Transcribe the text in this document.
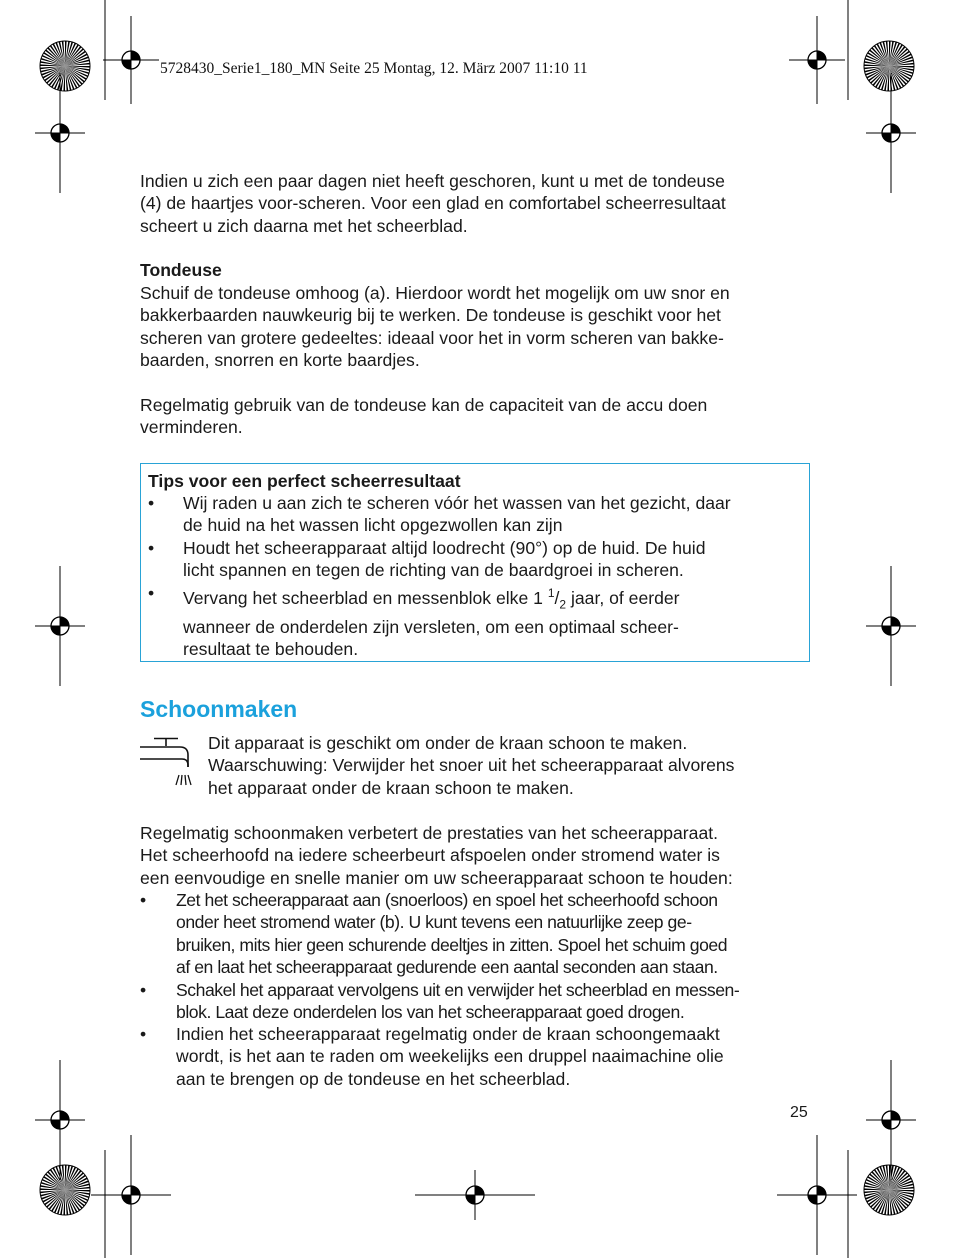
5728430_Serie1_180_MN Seite 25 Montag, 12. März 2007 11:10 11
Indien u zich een paar dagen niet heeft geschoren, kunt u met de tondeuse
(4) de haartjes voor-scheren. Voor een glad en comfortabel scheerresultaat
scheert u zich daarna met het scheerblad.
Tondeuse
Schuif de tondeuse omhoog (a). Hierdoor wordt het mogelijk om uw snor en
bakkerbaarden nauwkeurig bij te werken. De tondeuse is geschikt voor het
scheren van grotere gedeeltes: ideaal voor het in vorm scheren van bakke-
baarden, snorren en korte baardjes.
Regelmatig gebruik van de tondeuse kan de capaciteit van de accu doen
verminderen.
Tips voor een perfect scheerresultaat
• Wij raden u aan zich te scheren vóór het wassen van het gezicht, daar
de huid na het wassen licht opgezwollen kan zijn
• Houdt het scheerapparaat altijd loodrecht (90°) op de huid. De huid
licht spannen en tegen de richting van de baardgroei in scheren.
• Vervang het scheerblad en messenblok elke 1 $^1/_2$ jaar, of eerder
wanneer de onderdelen zijn versleten, om een optimaal scheer-
resultaat te behouden.
Schoonmaken
Dit apparaat is geschikt om onder de kraan schoon te maken.
Waarschuwing: Verwijder het snoer uit het scheerapparaat alvorens
het apparaat onder de kraan schoon te maken.
Regelmatig schoonmaken verbetert de prestaties van het scheerapparaat.
Het scheerhoofd na iedere scheerbeurt afspoelen onder stromend water is
een eenvoudige en snelle manier om uw scheerapparaat schoon te houden:
• Zet het scheerapparaat aan (snoerloos) en spoel het scheerhoofd schoon
onder heet stromend water (b). U kunt tevens een natuurlijke zeep ge-
bruiken, mits hier geen schurende deeltjes in zitten. Spoel het schuim goed
af en laat het scheerapparaat gedurende een aantal seconden aan staan.
• Schakel het apparaat vervolgens uit en verwijder het scheerblad en messen-
blok. Laat deze onderdelen los van het scheerapparaat goed drogen.
• Indien het scheerapparaat regelmatig onder de kraan schoongemaakt
wordt, is het aan te raden om weekelijks een druppel naaimachine olie
aan te brengen op de tondeuse en het scheerblad.
25
